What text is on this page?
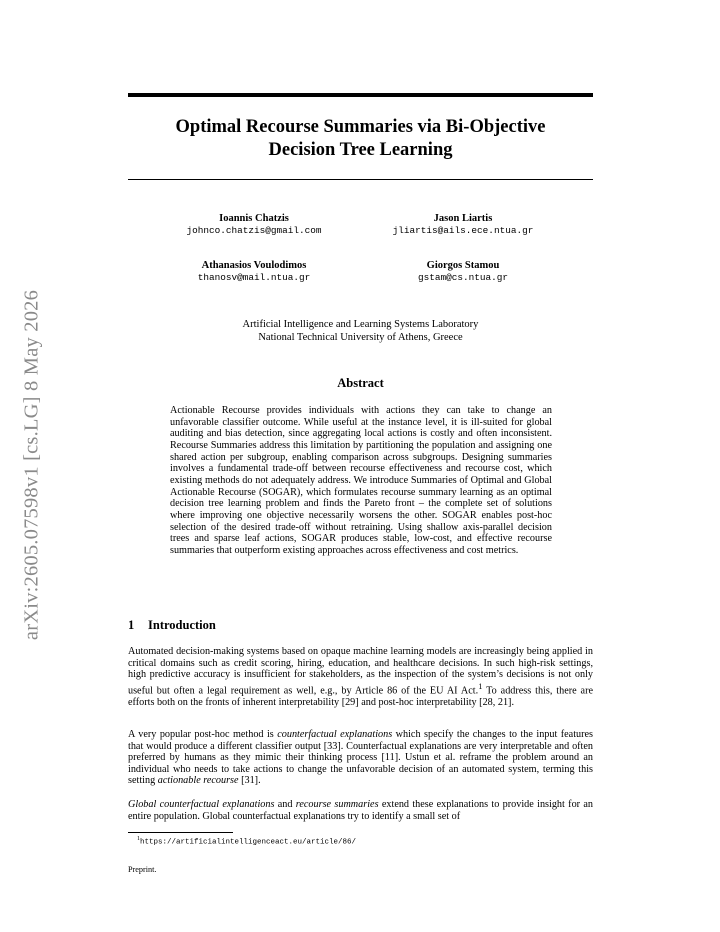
arXiv:2605.07598v1 [cs.LG] 8 May 2026
Optimal Recourse Summaries via Bi-Objective
Decision Tree Learning
Ioannis Chatzis
johnco.chatzis@gmail.com
Jason Liartis
jliartis@ails.ece.ntua.gr
Athanasios Voulodimos
thanosv@mail.ntua.gr
Giorgos Stamou
gstam@cs.ntua.gr
Artificial Intelligence and Learning Systems Laboratory
National Technical University of Athens, Greece
Abstract
Actionable Recourse provides individuals with actions they can take to change an unfavorable classifier outcome. While useful at the instance level, it is ill-suited for global auditing and bias detection, since aggregating local actions is costly and often inconsistent. Recourse Summaries address this limitation by partitioning the population and assigning one shared action per subgroup, enabling comparison across subgroups. Designing summaries involves a fundamental trade-off between recourse effectiveness and recourse cost, which existing methods do not adequately address. We introduce Summaries of Optimal and Global Actionable Recourse (SOGAR), which formulates recourse summary learning as an optimal decision tree learning problem and finds the Pareto front – the complete set of solutions where improving one objective necessarily worsens the other. SOGAR enables post-hoc selection of the desired trade-off without retraining. Using shallow axis-parallel decision trees and sparse leaf actions, SOGAR produces stable, low-cost, and effective recourse summaries that outperform existing approaches across effectiveness and cost metrics.
1 Introduction
Automated decision-making systems based on opaque machine learning models are increasingly being applied in critical domains such as credit scoring, hiring, education, and healthcare decisions. In such high-risk settings, high predictive accuracy is insufficient for stakeholders, as the inspection of the system’s decisions is not only useful but often a legal requirement as well, e.g., by Article 86 of the EU AI Act.$^1$ To address this, there are efforts both on the fronts of inherent interpretability [29] and post-hoc interpretability [28, 21].
A very popular post-hoc method is counterfactual explanations which specify the changes to the input features that would produce a different classifier output [33]. Counterfactual explanations are very interpretable and often preferred by humans as they mimic their thinking process [11]. Ustun et al. reframe the problem around an individual who needs to take actions to change the unfavorable decision of an automated system, terming this setting actionable recourse [31].
Global counterfactual explanations and recourse summaries extend these explanations to provide insight for an entire population. Global counterfactual explanations try to identify a small set of
$^1$https://artificialintelligenceact.eu/article/86/
Preprint.
